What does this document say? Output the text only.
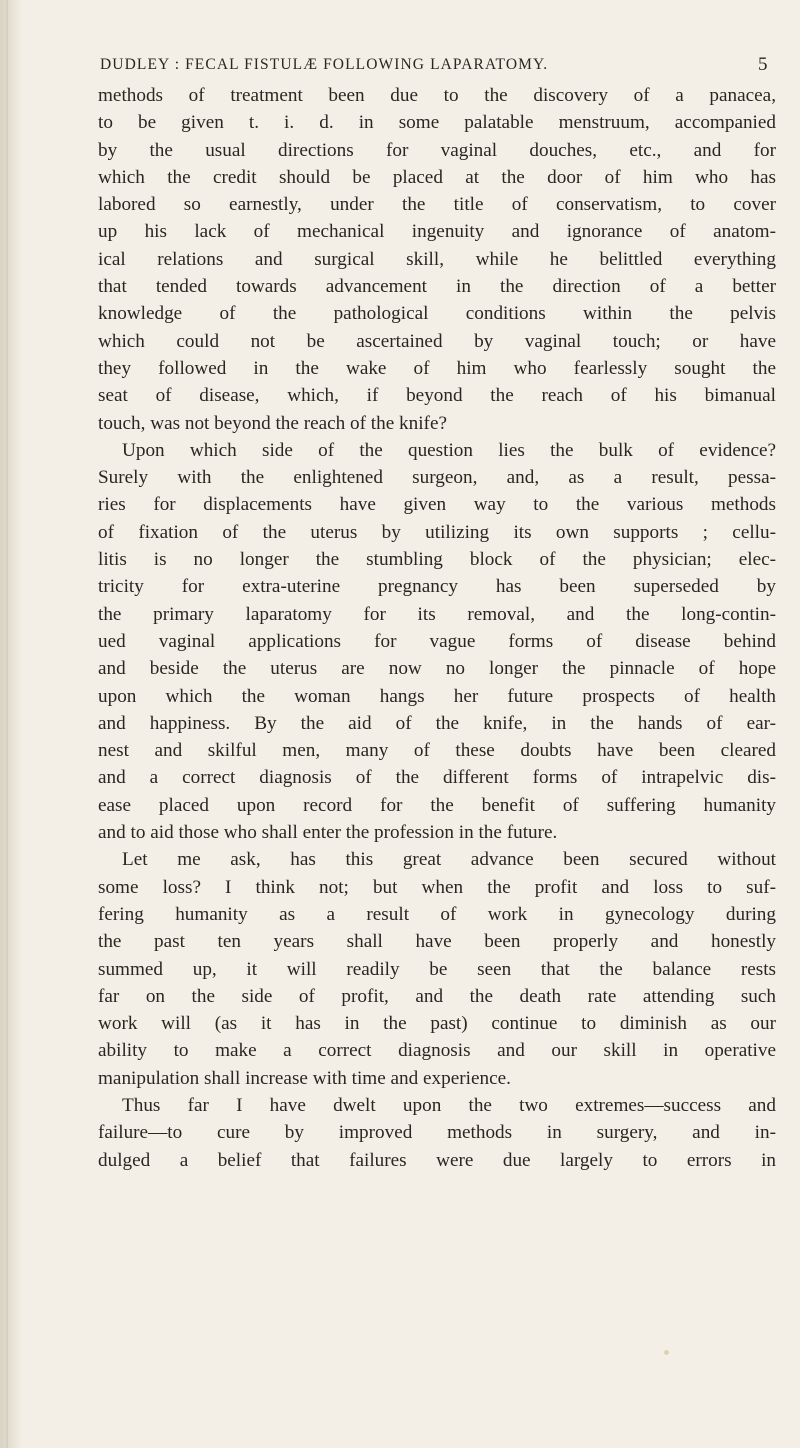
DUDLEY : FECAL FISTULÆ FOLLOWING LAPARATOMY.	5
methods of treatment been due to the discovery of a panacea,
to be given t. i. d. in some palatable menstruum, accompanied
by the usual directions for vaginal douches, etc., and for
which the credit should be placed at the door of him who has
labored so earnestly, under the title of conservatism, to cover
up his lack of mechanical ingenuity and ignorance of anatom-
ical relations and surgical skill, while he belittled everything
that tended towards advancement in the direction of a better
knowledge of the pathological conditions within the pelvis
which could not be ascertained by vaginal touch; or have
they followed in the wake of him who fearlessly sought the
seat of disease, which, if beyond the reach of his bimanual
touch, was not beyond the reach of the knife?
Upon which side of the question lies the bulk of evidence?
Surely with the enlightened surgeon, and, as a result, pessa-
ries for displacements have given way to the various methods
of fixation of the uterus by utilizing its own supports ; cellu-
litis is no longer the stumbling block of the physician; elec-
tricity for extra-uterine pregnancy has been superseded by
the primary laparatomy for its removal, and the long-contin-
ued vaginal applications for vague forms of disease behind
and beside the uterus are now no longer the pinnacle of hope
upon which the woman hangs her future prospects of health
and happiness. By the aid of the knife, in the hands of ear-
nest and skilful men, many of these doubts have been cleared
and a correct diagnosis of the different forms of intrapelvic dis-
ease placed upon record for the benefit of suffering humanity
and to aid those who shall enter the profession in the future.
Let me ask, has this great advance been secured without
some loss? I think not; but when the profit and loss to suf-
fering humanity as a result of work in gynecology during
the past ten years shall have been properly and honestly
summed up, it will readily be seen that the balance rests
far on the side of profit, and the death rate attending such
work will (as it has in the past) continue to diminish as our
ability to make a correct diagnosis and our skill in operative
manipulation shall increase with time and experience.
Thus far I have dwelt upon the two extremes—success and
failure—to cure by improved methods in surgery, and in-
dulged a belief that failures were due largely to errors in
